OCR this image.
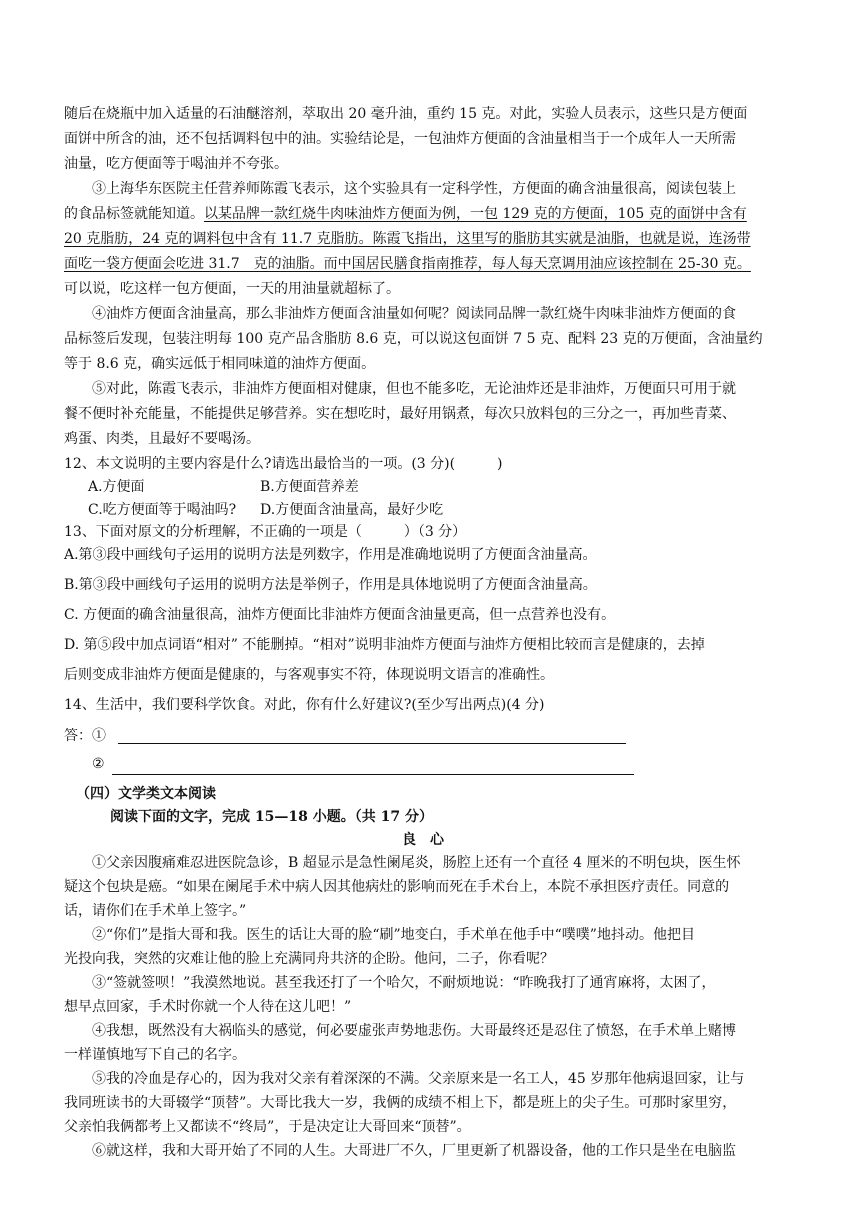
随后在烧瓶中加入适量的石油醚溶剂，萃取出 20 毫升油，重约 15 克。对此，实验人员表示，这些只是方便面
面饼中所含的油，还不包括调料包中的油。实验结论是，一包油炸方便面的含油量相当于一个成年人一天所需
油量，吃方便面等于喝油并不夸张。
③上海华东医院主任营养师陈霞飞表示，这个实验具有一定科学性，方便面的确含油量很高，阅读包装上
的食品标签就能知道。以某品牌一款红烧牛肉味油炸方便面为例，一包 129 克的方便面，105 克的面饼中含有
20 克脂肪，24 克的调料包中含有 11.7 克脂肪。陈霞飞指出，这里写的脂肪其实就是油脂，也就是说，连汤带
面吃一袋方便面会吃进 31.7　克的油脂。而中国居民膳食指南推荐，每人每天烹调用油应该控制在 25-30 克。
可以说，吃这样一包方便面，一天的用油量就超标了。
④油炸方便面含油量高，那么非油炸方便面含油量如何呢？阅读同品牌一款红烧牛肉味非油炸方便面的食
品标签后发现，包装注明每 100 克产品含脂肪 8.6 克，可以说这包面饼 7 5 克、配料 23 克的万便面，含油量约
等于 8.6 克，确实远低于相同味道的油炸方便面。
⑤对此，陈霞飞表示，非油炸方便面相对健康，但也不能多吃，无论油炸还是非油炸，万便面只可用于就
餐不便时补充能量，不能提供足够营养。实在想吃时，最好用锅煮，每次只放料包的三分之一，再加些青菜、
鸡蛋、肉类，且最好不要喝汤。
12、本文说明的主要内容是什么?请选出最恰当的一项。(3 分)(　　　)
A.方便面	B.方便面营养差
C.吃方便面等于喝油吗?	D.方便面含油量高，最好少吃
13、下面对原文的分析理解，不正确的一项是（　　　）（3 分）
A.第③段中画线句子运用的说明方法是列数字，作用是准确地说明了方便面含油量高。
B.第③段中画线句子运用的说明方法是举例子，作用是具体地说明了方便面含油量高。
C. 方便面的确含油量很高，油炸方便面比非油炸方便面含油量更高，但一点营养也没有。
D. 第⑤段中加点词语“相对” 不能删掉。“相对”说明非油炸方便面与油炸方便相比较而言是健康的，去掉
后则变成非油炸方便面是健康的，与客观事实不符，体现说明文语言的准确性。
14、生活中，我们要科学饮食。对此，你有什么好建议?(至少写出两点)(4 分)
答：①
②
（四）文学类文本阅读
阅读下面的文字，完成 15—18 小题。（共 17 分）
良心
①父亲因腹痛难忍进医院急诊，B 超显示是急性阑尾炎，肠腔上还有一个直径 4 厘米的不明包块，医生怀
疑这个包块是癌。“如果在阑尾手术中病人因其他病灶的影响而死在手术台上，本院不承担医疗责任。同意的
话，请你们在手术单上签字。”
②“你们”是指大哥和我。医生的话让大哥的脸“刷”地变白，手术单在他手中“噗噗”地抖动。他把目
光投向我，突然的灾难让他的脸上充满同舟共济的企盼。他问，二子，你看呢？
③“签就签呗！”我漠然地说。甚至我还打了一个哈欠，不耐烦地说：“昨晚我打了通宵麻将，太困了，
想早点回家，手术时你就一个人待在这儿吧！”
④我想，既然没有大祸临头的感觉，何必要虚张声势地悲伤。大哥最终还是忍住了愤怒，在手术单上赌博
一样谨慎地写下自己的名字。
⑤我的冷血是存心的，因为我对父亲有着深深的不满。父亲原来是一名工人，45 岁那年他病退回家，让与
我同班读书的大哥辍学“顶替”。大哥比我大一岁，我俩的成绩不相上下，都是班上的尖子生。可那时家里穷，
父亲怕我俩都考上又都读不“终局”，于是决定让大哥回来“顶替”。
⑥就这样，我和大哥开始了不同的人生。大哥进厂不久，厂里更新了机器设备，他的工作只是坐在电脑监
